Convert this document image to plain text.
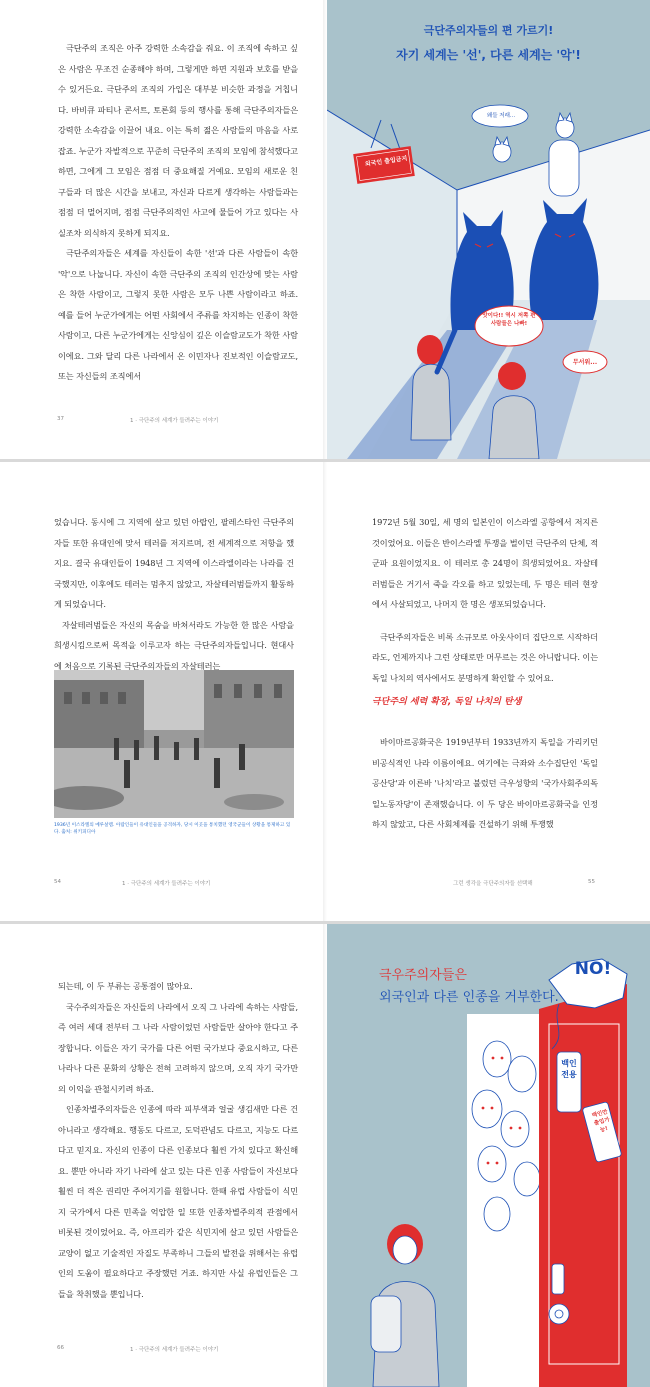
극단주의 조직은 아주 강력한 소속감을 줘요. 이 조직에 속하고 싶은 사람은 무조건 순종해야 하며, 그렇게만 하면 지원과 보호를 받을 수 있거든요. 극단주의 조직의 가입은 대부분 비슷한 과정을 거칩니다. 바비큐 파티나 콘서트, 토론회 등의 행사를 통해 극단주의자들은 강력한 소속감을 이끌어 내요. 이는 특히 젊은 사람들의 마음을 사로잡죠. 누군가 자발적으로 꾸준히 극단주의 조직의 모임에 참석했다고 하면, 그에게 그 모임은 점점 더 중요해질 거예요. 모임의 새로운 친구들과 더 많은 시간을 보내고, 자신과 다르게 생각하는 사람들과는 점점 더 멀어지며, 점점 극단주의적인 사고에 물들어 가고 있다는 사실조차 의식하지 못하게 되지요.

극단주의자들은 세계를 자신들이 속한 '선'과 다른 사람들이 속한 '악'으로 나눕니다. 자신이 속한 극단주의 조직의 인간상에 맞는 사람은 착한 사람이고, 그렇지 못한 사람은 모두 나쁜 사람이라고 하죠. 예를 들어 누군가에게는 어떤 사회에서 주류를 차지하는 인종이 착한 사람이고, 다른 누군가에게는 신앙심이 깊은 이슬람교도가 착한 사람이에요. 그와 달리 다른 나라에서 온 이민자나 진보적인 이슬람교도, 또는 자신들의 조직에서

37	1 · 극단주의 세계가 들려주는 이야기
극단주의자들의 편 가르기!
자기 세계는 '선', 다른 세계는 '악'!
외국인 출입금지
왜들 저래...
앗이다!! 역시 저쪽 편 사람들은 나빠!
무서워...

었습니다. 동시에 그 지역에 살고 있던 아랍인, 팔레스타인 극단주의자들 또한 유대인에 맞서 테러를 저지르며, 전 세계적으로 저항을 했지요. 결국 유대인들이 1948년 그 지역에 이스라엘이라는 나라를 건국했지만, 이후에도 테러는 멈추지 않았고, 자살테러범들까지 활동하게 되었습니다.

자살테러범들은 자신의 목숨을 바쳐서라도 가능한 한 많은 사람을 희생시킴으로써 목적을 이루고자 하는 극단주의자들입니다. 현대사에 처음으로 기록된 극단주의자들의 자살테러는

1936년 이스라엘의 예루살렘. 아랍인들이 유대인들을 공격하자, 당시 이곳을 통치했던 영국군들이 상황을 통제하고 있다. 출처: 위키피디아
54	1 · 극단주의 세계가 들려주는 이야기

1972년 5월 30일, 세 명의 일본인이 이스라엘 공항에서 저지른 것이었어요. 이들은 반이스라엘 투쟁을 벌이던 극단주의 단체, 적군파 요원이었지요. 이 테러로 총 24명이 희생되었어요. 자살테러범들은 거기서 죽을 각오를 하고 있었는데, 두 명은 테러 현장에서 사살되었고, 나머지 한 명은 생포되었습니다.

극단주의자들은 비록 소규모로 아웃사이더 집단으로 시작하더라도, 언제까지나 그런 상태로만 머무르는 것은 아니랍니다. 이는 독일 나치의 역사에서도 분명하게 확인할 수 있어요.

극단주의 세력 확장, 독일 나치의 탄생

바이마르공화국은 1919년부터 1933년까지 독일을 가리키던 비공식적인 나라 이름이에요. 여기에는 극좌와 소수집단인 '독일 공산당'과 이른바 '나치'라고 불렀던 극우성향의 '국가사회주의독일노동자당'이 존재했습니다. 이 두 당은 바이마르공화국을 인정하지 않았고, 다른 사회체제를 건설하기 위해 투쟁했

그런 생각을 극단주의자들 선택해	55

되는데, 이 두 부류는 공통점이 많아요.

국수주의자들은 자신들의 나라에서 오직 그 나라에 속하는 사람들, 즉 여러 세대 전부터 그 나라 사람이었던 사람들만 살아야 한다고 주장합니다. 이들은 자기 국가를 다른 어떤 국가보다 중요시하고, 다른 나라나 다른 문화의 상황은 전혀 고려하지 않으며, 오직 자기 국가만의 이익을 관철시키려 하죠.

인종차별주의자들은 인종에 따라 피부색과 얼굴 생김새만 다른 건 아니라고 생각해요. 행동도 다르고, 도덕관념도 다르고, 지능도 다르다고 믿지요. 자신의 인종이 다른 인종보다 훨씬 가치 있다고 확신해요. 뿐만 아니라 자기 나라에 살고 있는 다른 인종 사람들이 자신보다 훨씬 더 적은 권리만 주어지기를 원합니다. 한때 유럽 사람들이 식민지 국가에서 다른 민족을 억압한 일 또한 인종차별주의적 관점에서 비롯된 것이었어요. 즉, 아프리카 같은 식민지에 살고 있던 사람들은 교양이 없고 기술적인 자질도 부족하니 그들의 발전을 위해서는 유럽인의 도움이 필요하다고 주장했던 거죠. 하지만 사실 유럽인들은 그들을 착취했을 뿐입니다.

66	1 · 극단주의 세계가 들려주는 이야기
극우주의자들은
외국인과 다른 인종을 거부한다.
NO!
백인 전용
백인만 출입가능!
